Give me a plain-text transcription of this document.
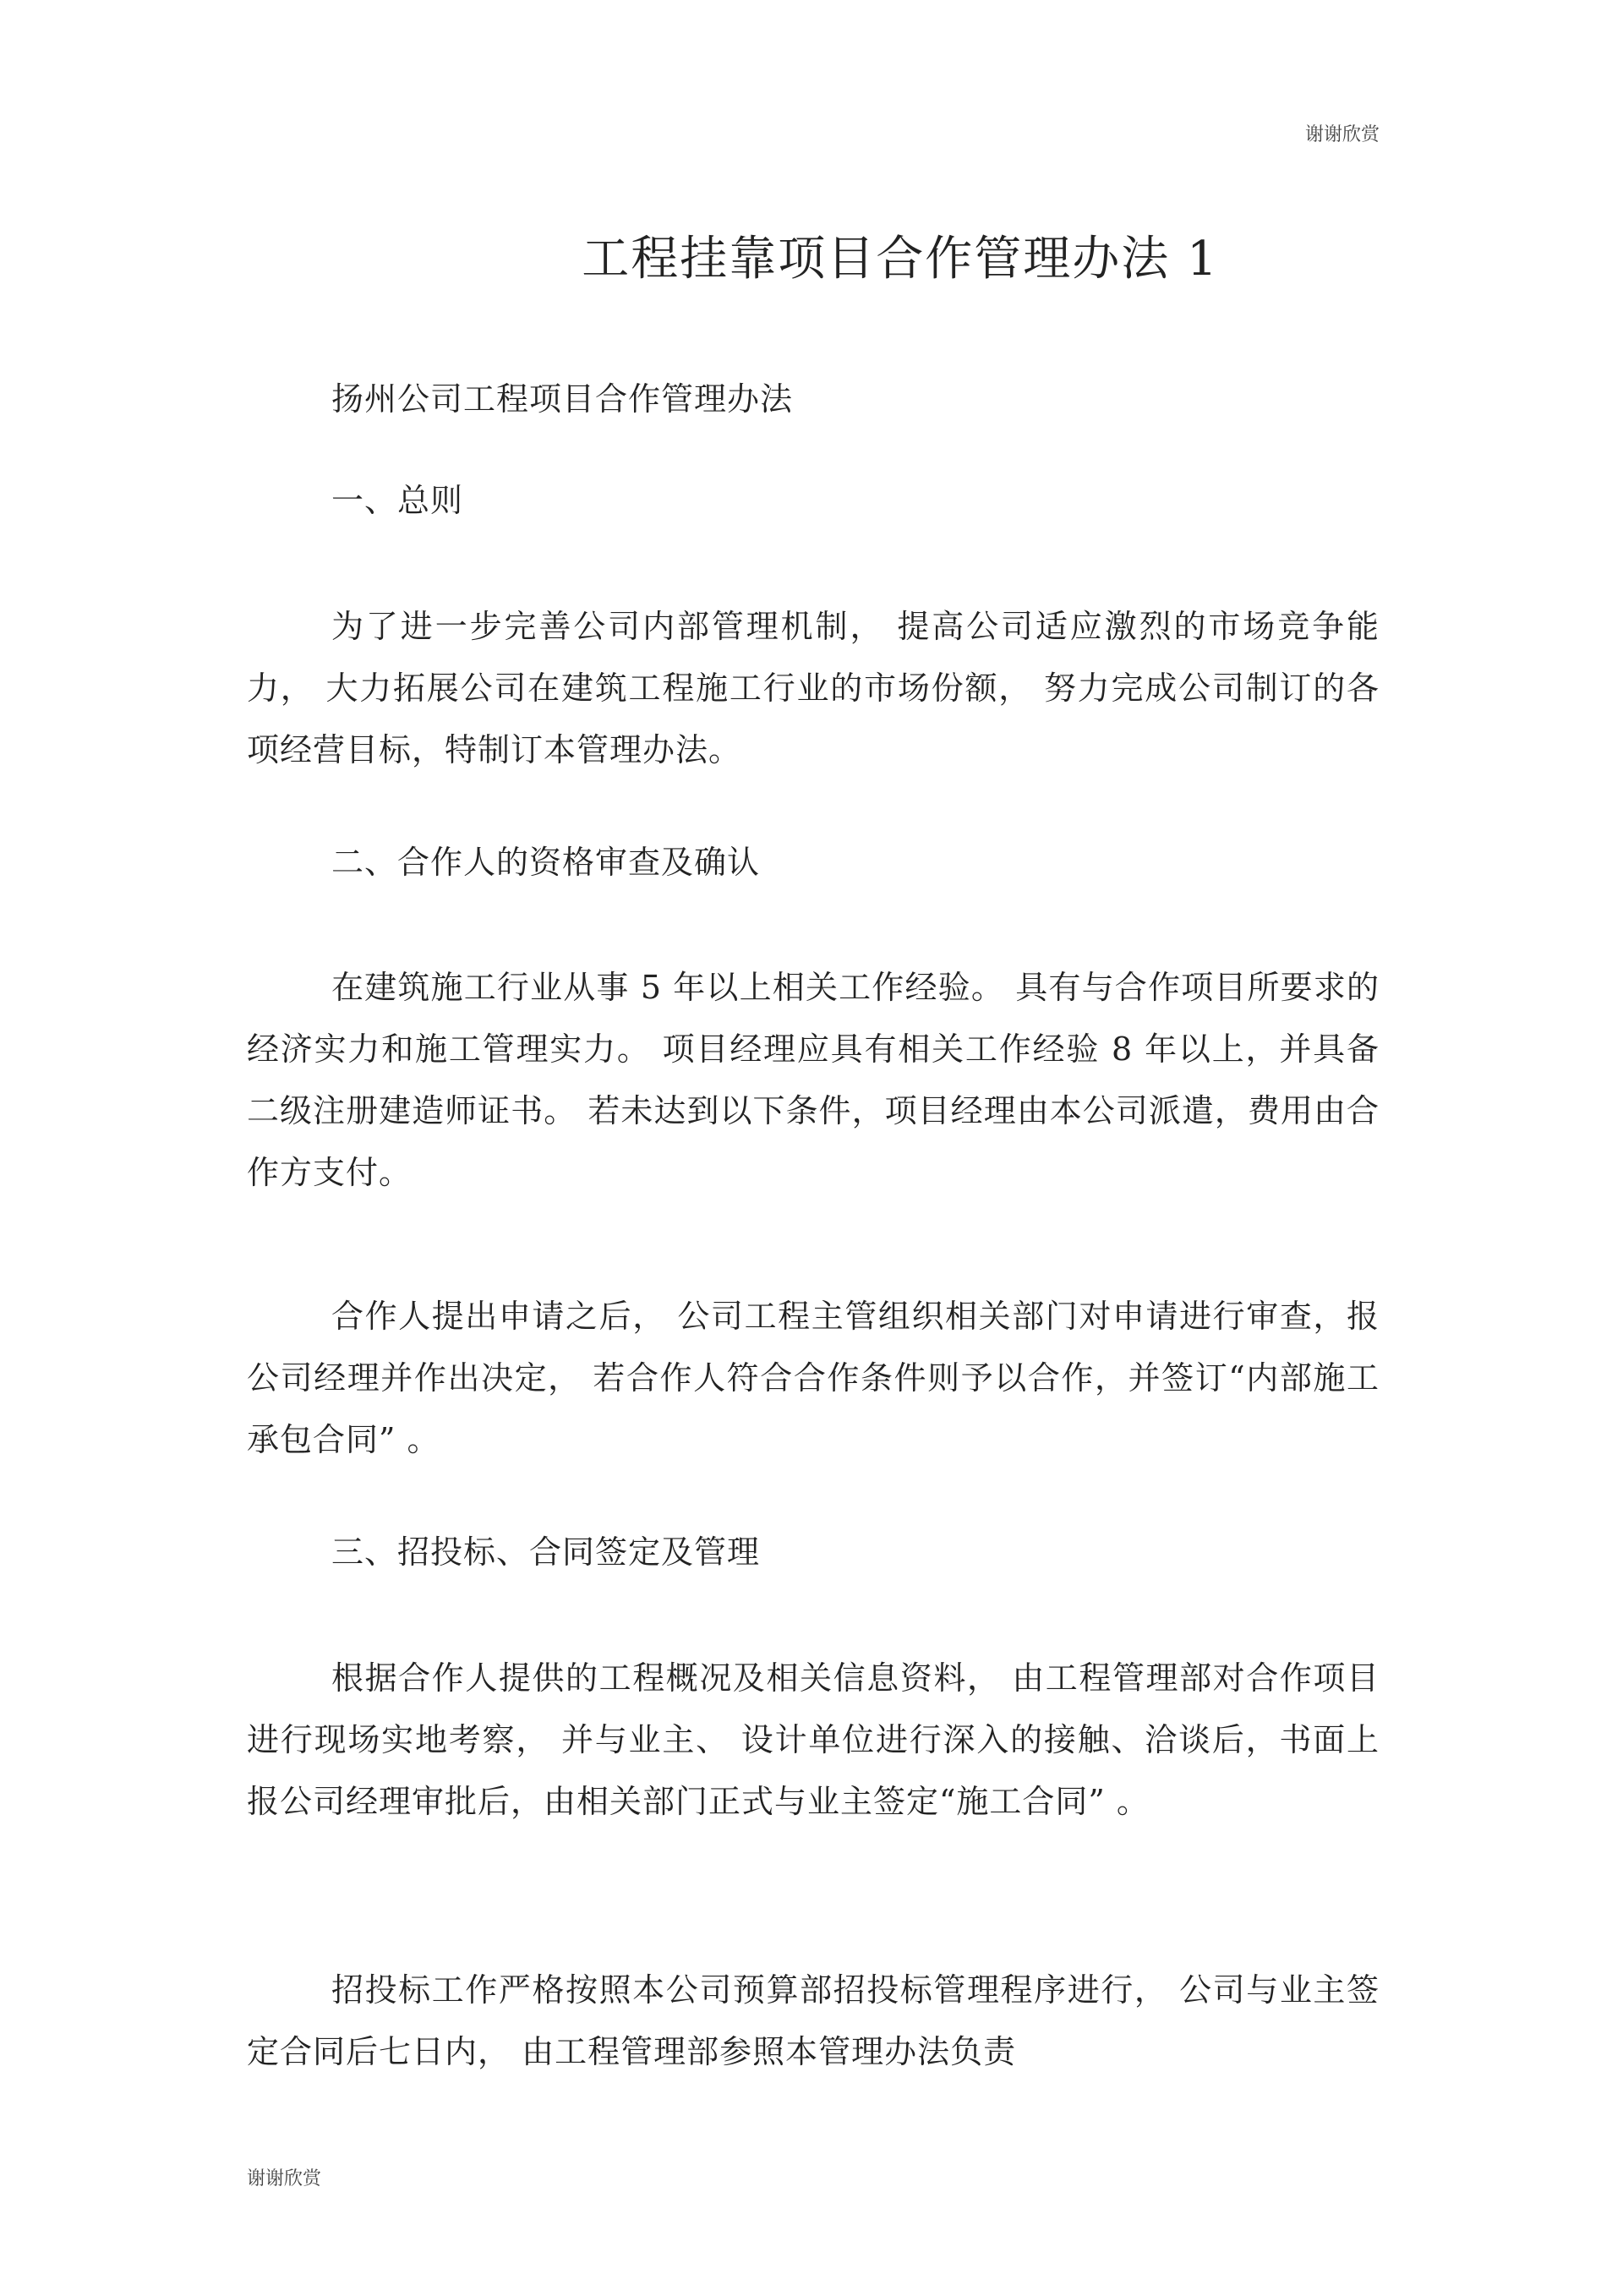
谢谢欣赏

工程挂靠项目合作管理办法 1

扬州公司工程项目合作管理办法

一、总则

为了进一步完善公司内部管理机制， 提高公司适应激烈的市场竞争能力， 大力拓展公司在建筑工程施工行业的市场份额， 努力完成公司制订的各项经营目标，特制订本管理办法。

二、合作人的资格审查及确认

在建筑施工行业从事 5 年以上相关工作经验。 具有与合作项目所要求的经济实力和施工管理实力。 项目经理应具有相关工作经验 8 年以上，并具备二级注册建造师证书。 若未达到以下条件，项目经理由本公司派遣，费用由合作方支付。

合作人提出申请之后， 公司工程主管组织相关部门对申请进行审查，报公司经理并作出决定， 若合作人符合合作条件则予以合作，并签订“内部施工承包合同” 。

三、招投标、合同签定及管理

根据合作人提供的工程概况及相关信息资料， 由工程管理部对合作项目进行现场实地考察， 并与业主、 设计单位进行深入的接触、洽谈后，书面上报公司经理审批后，由相关部门正式与业主签定“施工合同” 。

招投标工作严格按照本公司预算部招投标管理程序进行， 公司与业主签定合同后七日内， 由工程管理部参照本管理办法负责

谢谢欣赏
